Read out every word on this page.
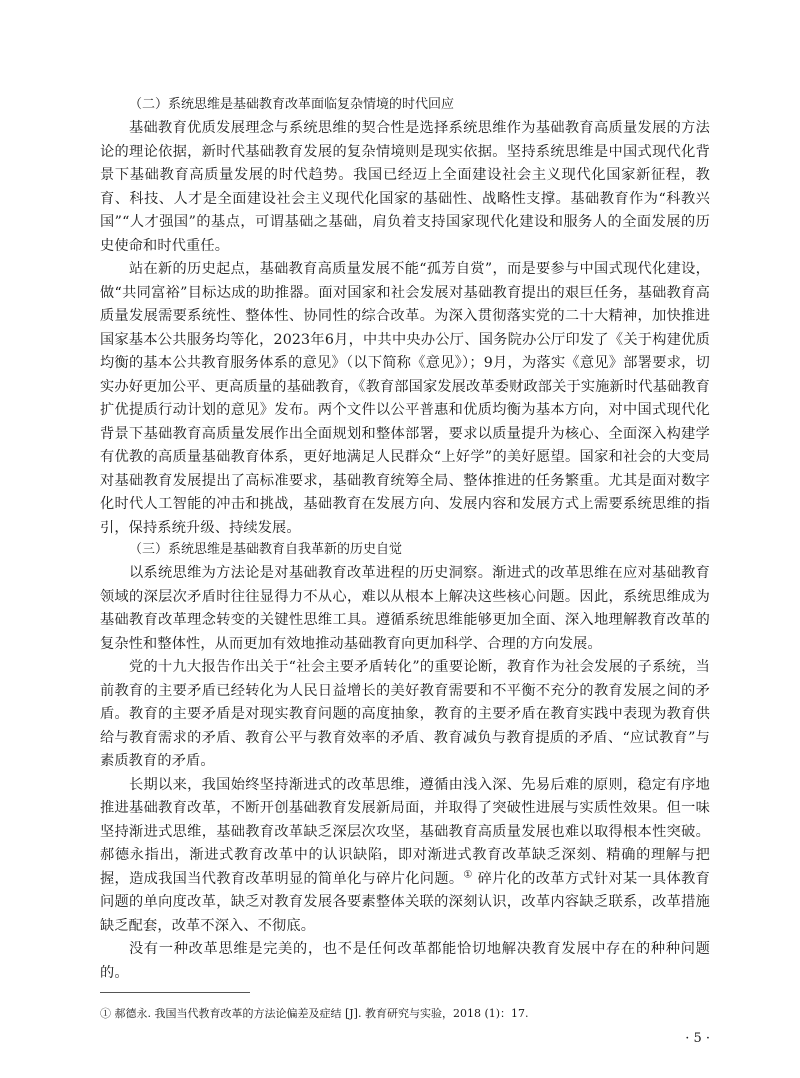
（二）系统思维是基础教育改革面临复杂情境的时代回应

基础教育优质发展理念与系统思维的契合性是选择系统思维作为基础教育高质量发展的方法论的理论依据，新时代基础教育发展的复杂情境则是现实依据。坚持系统思维是中国式现代化背景下基础教育高质量发展的时代趋势。我国已经迈上全面建设社会主义现代化国家新征程，教育、科技、人才是全面建设社会主义现代化国家的基础性、战略性支撑。基础教育作为“科教兴国”“人才强国”的基点，可谓基础之基础，肩负着支持国家现代化建设和服务人的全面发展的历史使命和时代重任。

站在新的历史起点，基础教育高质量发展不能“孤芳自赏”，而是要参与中国式现代化建设，做“共同富裕”目标达成的助推器。面对国家和社会发展对基础教育提出的艰巨任务，基础教育高质量发展需要系统性、整体性、协同性的综合改革。为深入贯彻落实党的二十大精神，加快推进国家基本公共服务均等化，2023年6月，中共中央办公厅、国务院办公厅印发了《关于构建优质均衡的基本公共教育服务体系的意见》（以下简称《意见》）；9月，为落实《意见》部署要求，切实办好更加公平、更高质量的基础教育，《教育部国家发展改革委财政部关于实施新时代基础教育扩优提质行动计划的意见》发布。两个文件以公平普惠和优质均衡为基本方向，对中国式现代化背景下基础教育高质量发展作出全面规划和整体部署，要求以质量提升为核心、全面深入构建学有优教的高质量基础教育体系，更好地满足人民群众“上好学”的美好愿望。国家和社会的大变局对基础教育发展提出了高标准要求，基础教育统筹全局、整体推进的任务繁重。尤其是面对数字化时代人工智能的冲击和挑战，基础教育在发展方向、发展内容和发展方式上需要系统思维的指引，保持系统升级、持续发展。

（三）系统思维是基础教育自我革新的历史自觉

以系统思维为方法论是对基础教育改革进程的历史洞察。渐进式的改革思维在应对基础教育领域的深层次矛盾时往往显得力不从心，难以从根本上解决这些核心问题。因此，系统思维成为基础教育改革理念转变的关键性思维工具。遵循系统思维能够更加全面、深入地理解教育改革的复杂性和整体性，从而更加有效地推动基础教育向更加科学、合理的方向发展。

党的十九大报告作出关于“社会主要矛盾转化”的重要论断，教育作为社会发展的子系统，当前教育的主要矛盾已经转化为人民日益增长的美好教育需要和不平衡不充分的教育发展之间的矛盾。教育的主要矛盾是对现实教育问题的高度抽象，教育的主要矛盾在教育实践中表现为教育供给与教育需求的矛盾、教育公平与教育效率的矛盾、教育减负与教育提质的矛盾、“应试教育”与素质教育的矛盾。

长期以来，我国始终坚持渐进式的改革思维，遵循由浅入深、先易后难的原则，稳定有序地推进基础教育改革，不断开创基础教育发展新局面，并取得了突破性进展与实质性效果。但一味坚持渐进式思维，基础教育改革缺乏深层次攻坚，基础教育高质量发展也难以取得根本性突破。郝德永指出，渐进式教育改革中的认识缺陷，即对渐进式教育改革缺乏深刻、精确的理解与把握，造成我国当代教育改革明显的简单化与碎片化问题。① 碎片化的改革方式针对某一具体教育问题的单向度改革，缺乏对教育发展各要素整体关联的深刻认识，改革内容缺乏联系，改革措施缺乏配套，改革不深入、不彻底。

没有一种改革思维是完美的，也不是任何改革都能恰切地解决教育发展中存在的种种问题的。

① 郝德永. 我国当代教育改革的方法论偏差及症结 [J]. 教育研究与实验，2018 (1)：17.
· 5 ·
